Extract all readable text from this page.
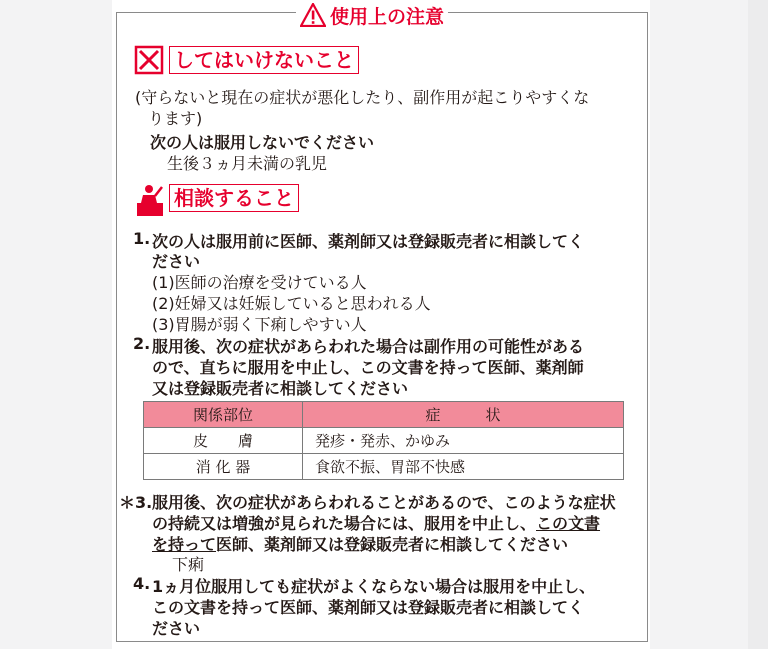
使用上の注意
してはいけないこと
(守らないと現在の症状が悪化したり、副作用が起こりやすくな
ります)
次の人は服用しないでください
生後３ヵ月未満の乳児
相談すること
1. 次の人は服用前に医師、薬剤師又は登録販売者に相談してく
ださい
(1)医師の治療を受けている人
(2)妊婦又は妊娠していると思われる人
(3)胃腸が弱く下痢しやすい人
2. 服用後、次の症状があらわれた場合は副作用の可能性がある
ので、直ちに服用を中止し、この文書を持って医師、薬剤師
又は登録販売者に相談してください
関係部位	症　　　状
皮　　膚	発疹・発赤、かゆみ
消 化 器	食欲不振、胃部不快感
＊3. 服用後、次の症状があらわれることがあるので、このような症状
の持続又は増強が見られた場合には、服用を中止し、この文書
を持って医師、薬剤師又は登録販売者に相談してください
下痢
4. 1ヵ月位服用しても症状がよくならない場合は服用を中止し、
この文書を持って医師、薬剤師又は登録販売者に相談してく
ださい
